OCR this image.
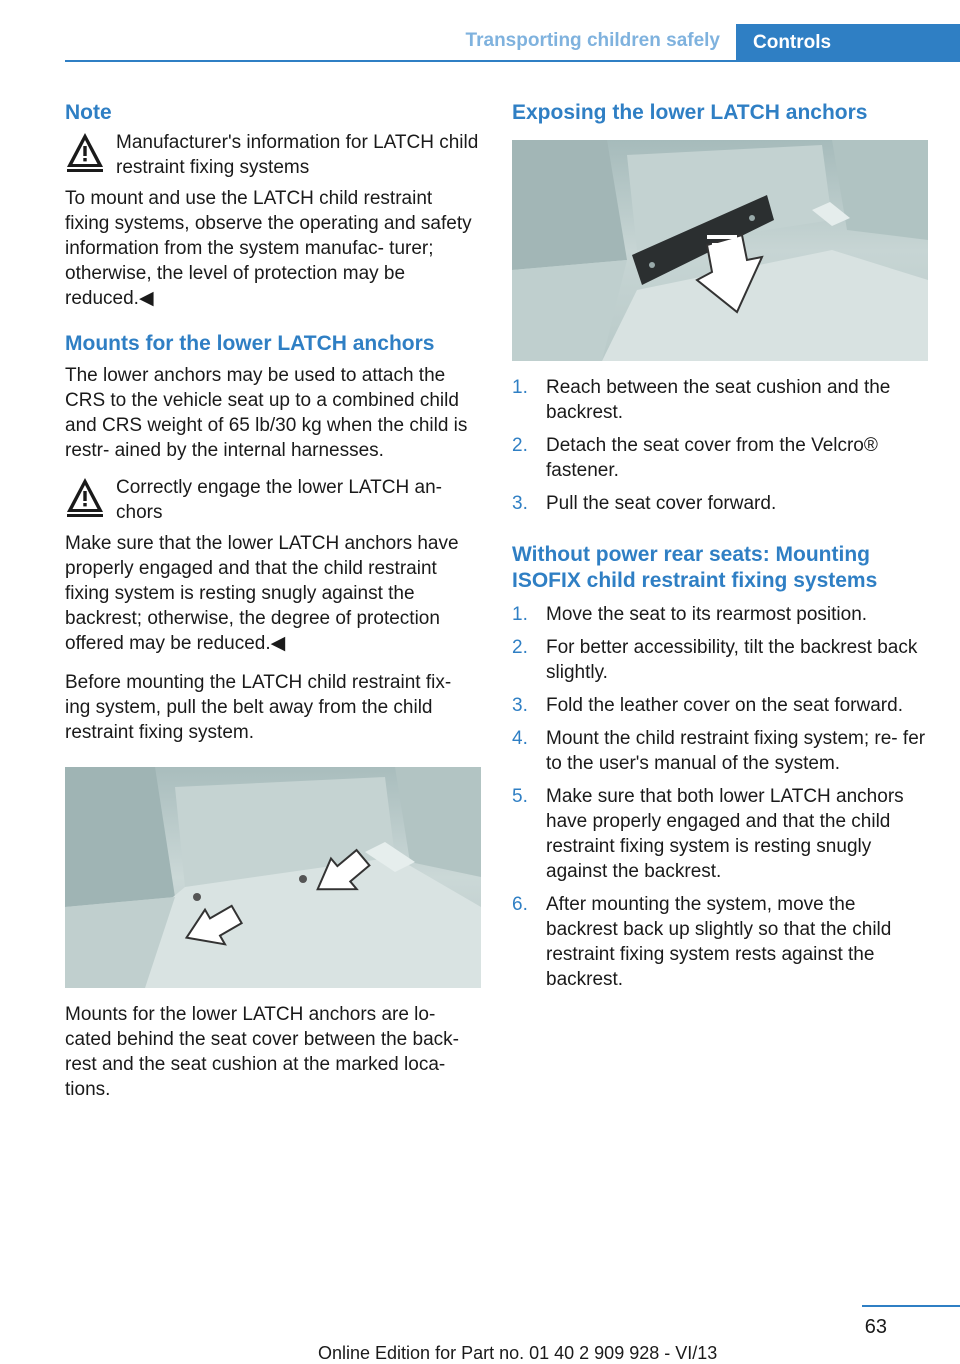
Transporting children safely	Controls
Note
Manufacturer's information for LATCH child restraint fixing systems

To mount and use the LATCH child restraint fixing systems, observe the operating and safety information from the system manufac- turer; otherwise, the level of protection may be reduced.◀

Mounts for the lower LATCH anchors

The lower anchors may be used to attach the CRS to the vehicle seat up to a combined child and CRS weight of 65 lb/30 kg when the child is restr- ained by the internal harnesses.

Correctly engage the lower LATCH an- chors

Make sure that the lower LATCH anchors have properly engaged and that the child restraint fixing system is resting snugly against the backrest; otherwise, the degree of protection offered may be reduced.◀

Before mounting the LATCH child restraint fix- ing system, pull the belt away from the child restraint fixing system.

Mounts for the lower LATCH anchors are lo- cated behind the seat cover between the back- rest and the seat cushion at the marked loca- tions.

Exposing the lower LATCH anchors
1. Reach between the seat cushion and the backrest.
2. Detach the seat cover from the Velcro® fastener.
3. Pull the seat cover forward.
Without power rear seats: Mounting ISOFIX child restraint fixing systems
1. Move the seat to its rearmost position.
2. For better accessibility, tilt the backrest back slightly.
3. Fold the leather cover on the seat forward.
4. Mount the child restraint fixing system; re- fer to the user's manual of the system.
5. Make sure that both lower LATCH anchors have properly engaged and that the child restraint fixing system is resting snugly against the backrest.
6. After mounting the system, move the backrest back up slightly so that the child restraint fixing system rests against the backrest.
63
Online Edition for Part no. 01 40 2 909 928 - VI/13
